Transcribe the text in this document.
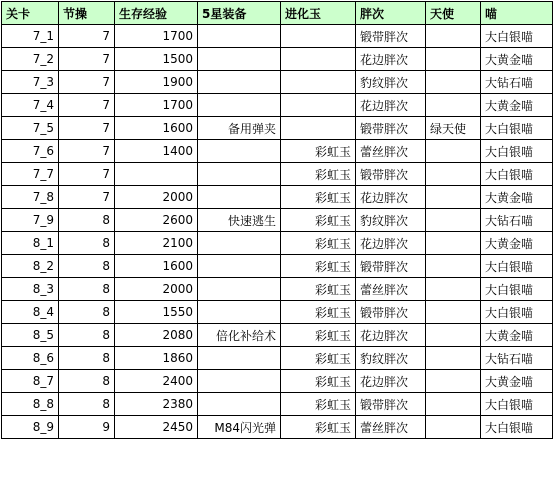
关卡	节操	生存经验	5星装备	进化玉	胖次	天使	喵
7_1	7	1700			锻带胖次		大白银喵
7_2	7	1500			花边胖次		大黄金喵
7_3	7	1900			豹纹胖次		大钻石喵
7_4	7	1700			花边胖次		大黄金喵
7_5	7	1600	备用弹夹		锻带胖次	绿天使	大白银喵
7_6	7	1400		彩虹玉	蕾丝胖次		大白银喵
7_7	7			彩虹玉	锻带胖次		大白银喵
7_8	7	2000		彩虹玉	花边胖次		大黄金喵
7_9	8	2600	快速逃生	彩虹玉	豹纹胖次		大钻石喵
8_1	8	2100		彩虹玉	花边胖次		大黄金喵
8_2	8	1600		彩虹玉	锻带胖次		大白银喵
8_3	8	2000		彩虹玉	蕾丝胖次		大白银喵
8_4	8	1550		彩虹玉	锻带胖次		大白银喵
8_5	8	2080	倍化补给术	彩虹玉	花边胖次		大黄金喵
8_6	8	1860		彩虹玉	豹纹胖次		大钻石喵
8_7	8	2400		彩虹玉	花边胖次		大黄金喵
8_8	8	2380		彩虹玉	锻带胖次		大白银喵
8_9	9	2450	M84闪光弹	彩虹玉	蕾丝胖次		大白银喵
